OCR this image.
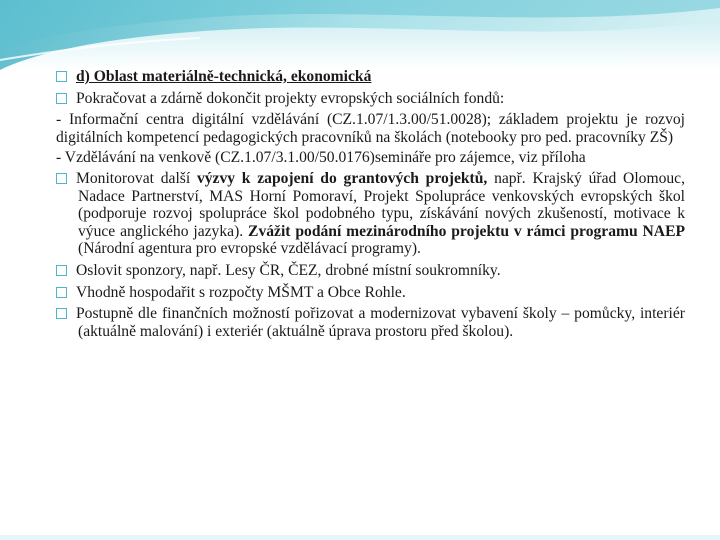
d) Oblast materiálně-technická, ekonomická
Pokračovat a zdárně dokončit projekty evropských sociálních fondů:
- Informační centra digitální vzdělávání (CZ.1.07/1.3.00/51.0028); základem projektu je rozvoj digitálních kompetencí pedagogických pracovníků na školách (notebooky pro ped. pracovníky ZŠ)
- Vzdělávání na venkově (CZ.1.07/3.1.00/50.0176)semináře pro zájemce, viz příloha
Monitorovat další výzvy k zapojení do grantových projektů, např. Krajský úřad Olomouc, Nadace Partnerství, MAS Horní Pomoraví, Projekt Spolupráce venkovských evropských škol (podporuje rozvoj spolupráce škol podobného typu, získávání nových zkušeností, motivace k výuce anglického jazyka). Zvážit podání mezinárodního projektu v rámci programu NAEP (Národní agentura pro evropské vzdělávací programy).
Oslovit sponzory, např. Lesy ČR, ČEZ, drobné místní soukromníky.
Vhodně hospodařit s rozpočty MŠMT a Obce Rohle.
Postupně dle finančních možností pořizovat a modernizovat vybavení školy – pomůcky, interiér (aktuálně malování) i exteriér (aktuálně úprava prostoru před školou).
